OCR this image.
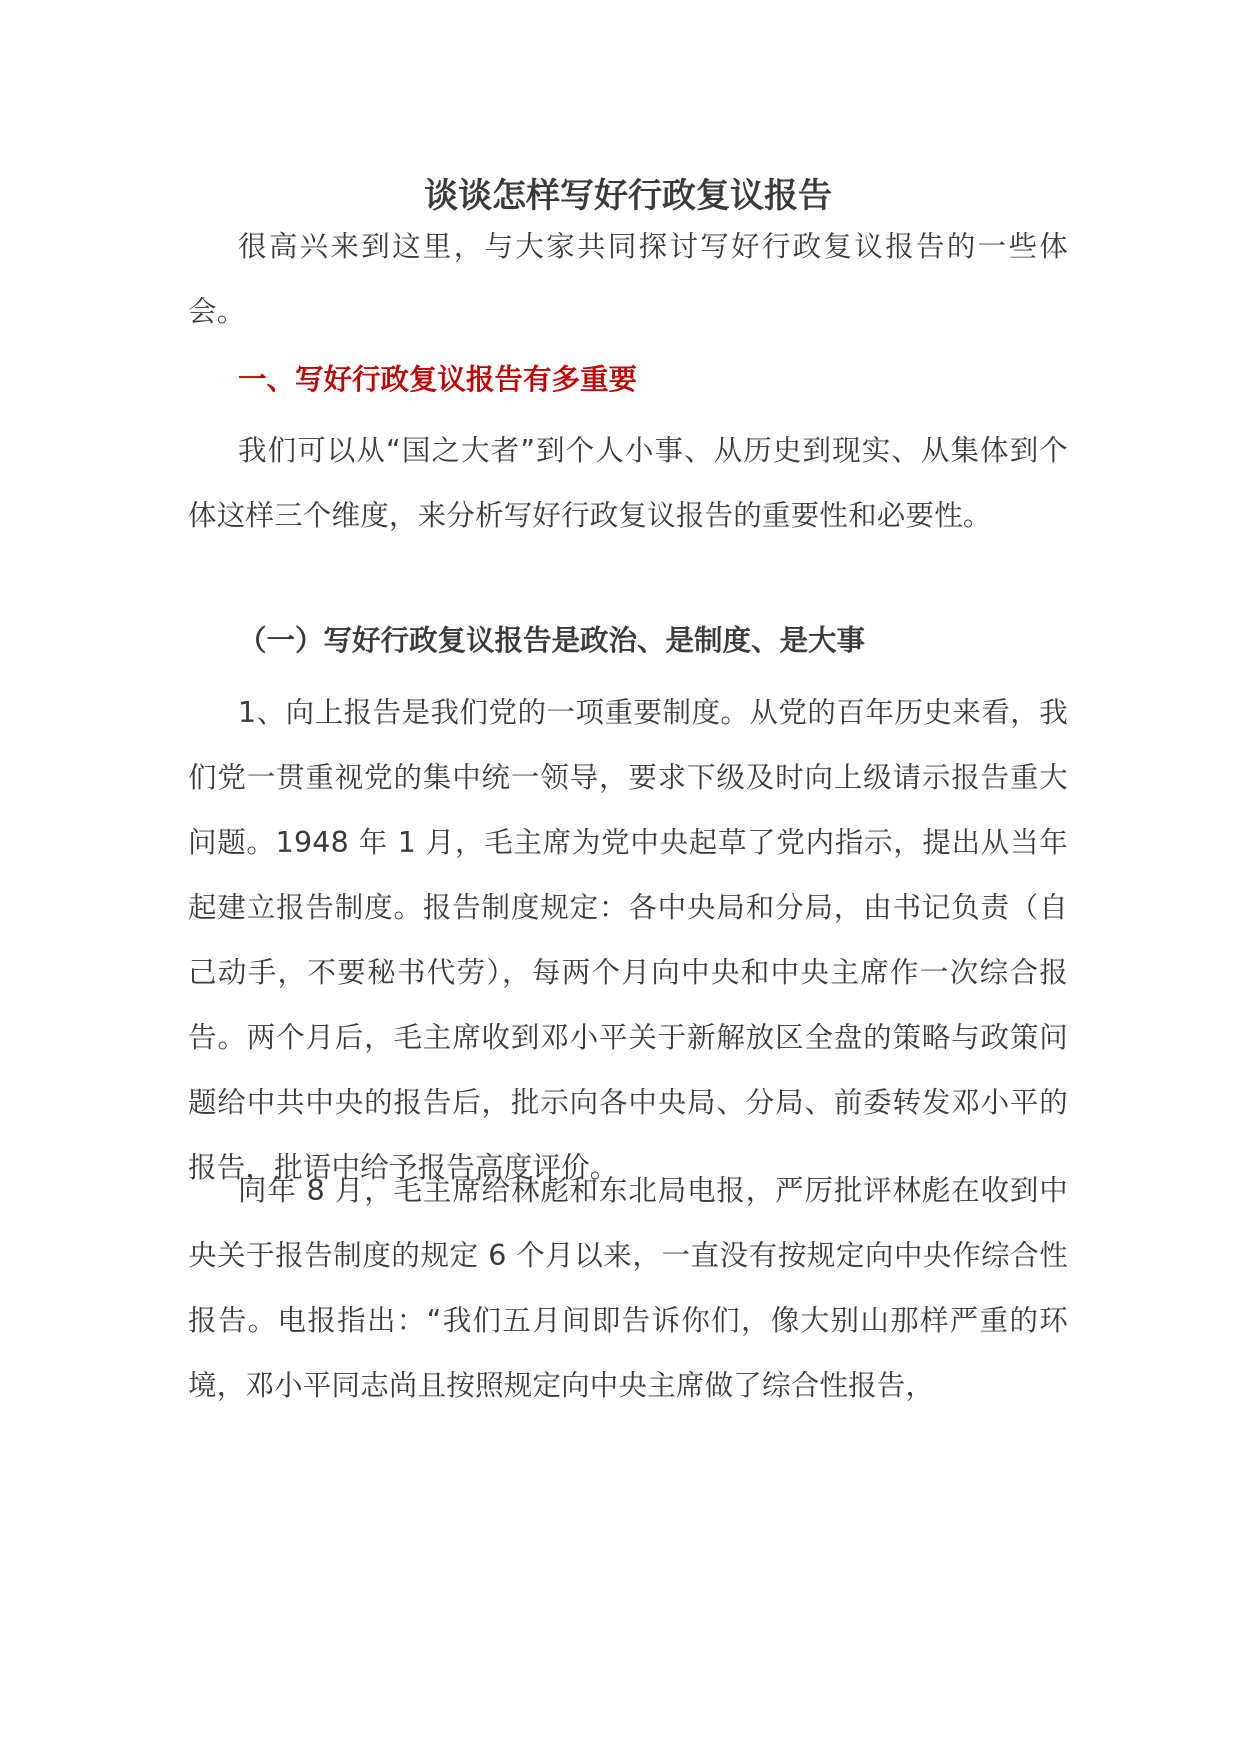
谈谈怎样写好行政复议报告

很高兴来到这里，与大家共同探讨写好行政复议报告的一些体会。

一、写好行政复议报告有多重要

我们可以从“国之大者”到个人小事、从历史到现实、从集体到个体这样三个维度，来分析写好行政复议报告的重要性和必要性。

（一）写好行政复议报告是政治、是制度、是大事

1、向上报告是我们党的一项重要制度。从党的百年历史来看，我们党一贯重视党的集中统一领导，要求下级及时向上级请示报告重大问题。1948 年 1 月，毛主席为党中央起草了党内指示，提出从当年起建立报告制度。报告制度规定：各中央局和分局，由书记负责（自己动手，不要秘书代劳），每两个月向中央和中央主席作一次综合报告。两个月后，毛主席收到邓小平关于新解放区全盘的策略与政策问题给中共中央的报告后，批示向各中央局、分局、前委转发邓小平的报告，批语中给予报告高度评价。

同年 8 月，毛主席给林彪和东北局电报，严厉批评林彪在收到中央关于报告制度的规定 6 个月以来，一直没有按规定向中央作综合性报告。电报指出：“我们五月间即告诉你们，像大别山那样严重的环境，邓小平同志尚且按照规定向中央主席做了综合性报告，
